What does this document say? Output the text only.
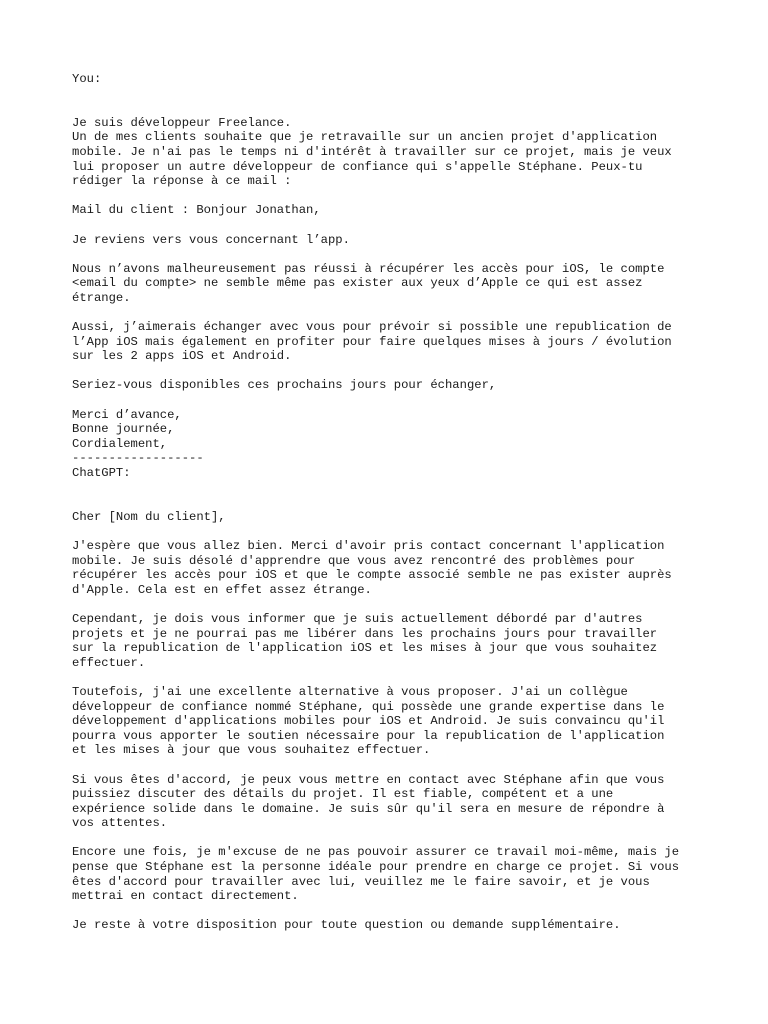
You:
Je suis développeur Freelance.
Un de mes clients souhaite que je retravaille sur un ancien projet d'application
mobile. Je n'ai pas le temps ni d'intérêt à travailler sur ce projet, mais je veux
lui proposer un autre développeur de confiance qui s'appelle Stéphane. Peux-tu
rédiger la réponse à ce mail :
Mail du client : Bonjour Jonathan,
Je reviens vers vous concernant l’app.
Nous n’avons malheureusement pas réussi à récupérer les accès pour iOS, le compte
<email du compte> ne semble même pas exister aux yeux d’Apple ce qui est assez
étrange.
Aussi, j’aimerais échanger avec vous pour prévoir si possible une republication de
l’App iOS mais également en profiter pour faire quelques mises à jours / évolution
sur les 2 apps iOS et Android.
Seriez-vous disponibles ces prochains jours pour échanger,
Merci d’avance,
Bonne journée,
Cordialement,
------------------
ChatGPT:
Cher [Nom du client],
J'espère que vous allez bien. Merci d'avoir pris contact concernant l'application
mobile. Je suis désolé d'apprendre que vous avez rencontré des problèmes pour
récupérer les accès pour iOS et que le compte associé semble ne pas exister auprès
d'Apple. Cela est en effet assez étrange.
Cependant, je dois vous informer que je suis actuellement débordé par d'autres
projets et je ne pourrai pas me libérer dans les prochains jours pour travailler
sur la republication de l'application iOS et les mises à jour que vous souhaitez
effectuer.
Toutefois, j'ai une excellente alternative à vous proposer. J'ai un collègue
développeur de confiance nommé Stéphane, qui possède une grande expertise dans le
développement d'applications mobiles pour iOS et Android. Je suis convaincu qu'il
pourra vous apporter le soutien nécessaire pour la republication de l'application
et les mises à jour que vous souhaitez effectuer.
Si vous êtes d'accord, je peux vous mettre en contact avec Stéphane afin que vous
puissiez discuter des détails du projet. Il est fiable, compétent et a une
expérience solide dans le domaine. Je suis sûr qu'il sera en mesure de répondre à
vos attentes.
Encore une fois, je m'excuse de ne pas pouvoir assurer ce travail moi-même, mais je
pense que Stéphane est la personne idéale pour prendre en charge ce projet. Si vous
êtes d'accord pour travailler avec lui, veuillez me le faire savoir, et je vous
mettrai en contact directement.
Je reste à votre disposition pour toute question ou demande supplémentaire.
